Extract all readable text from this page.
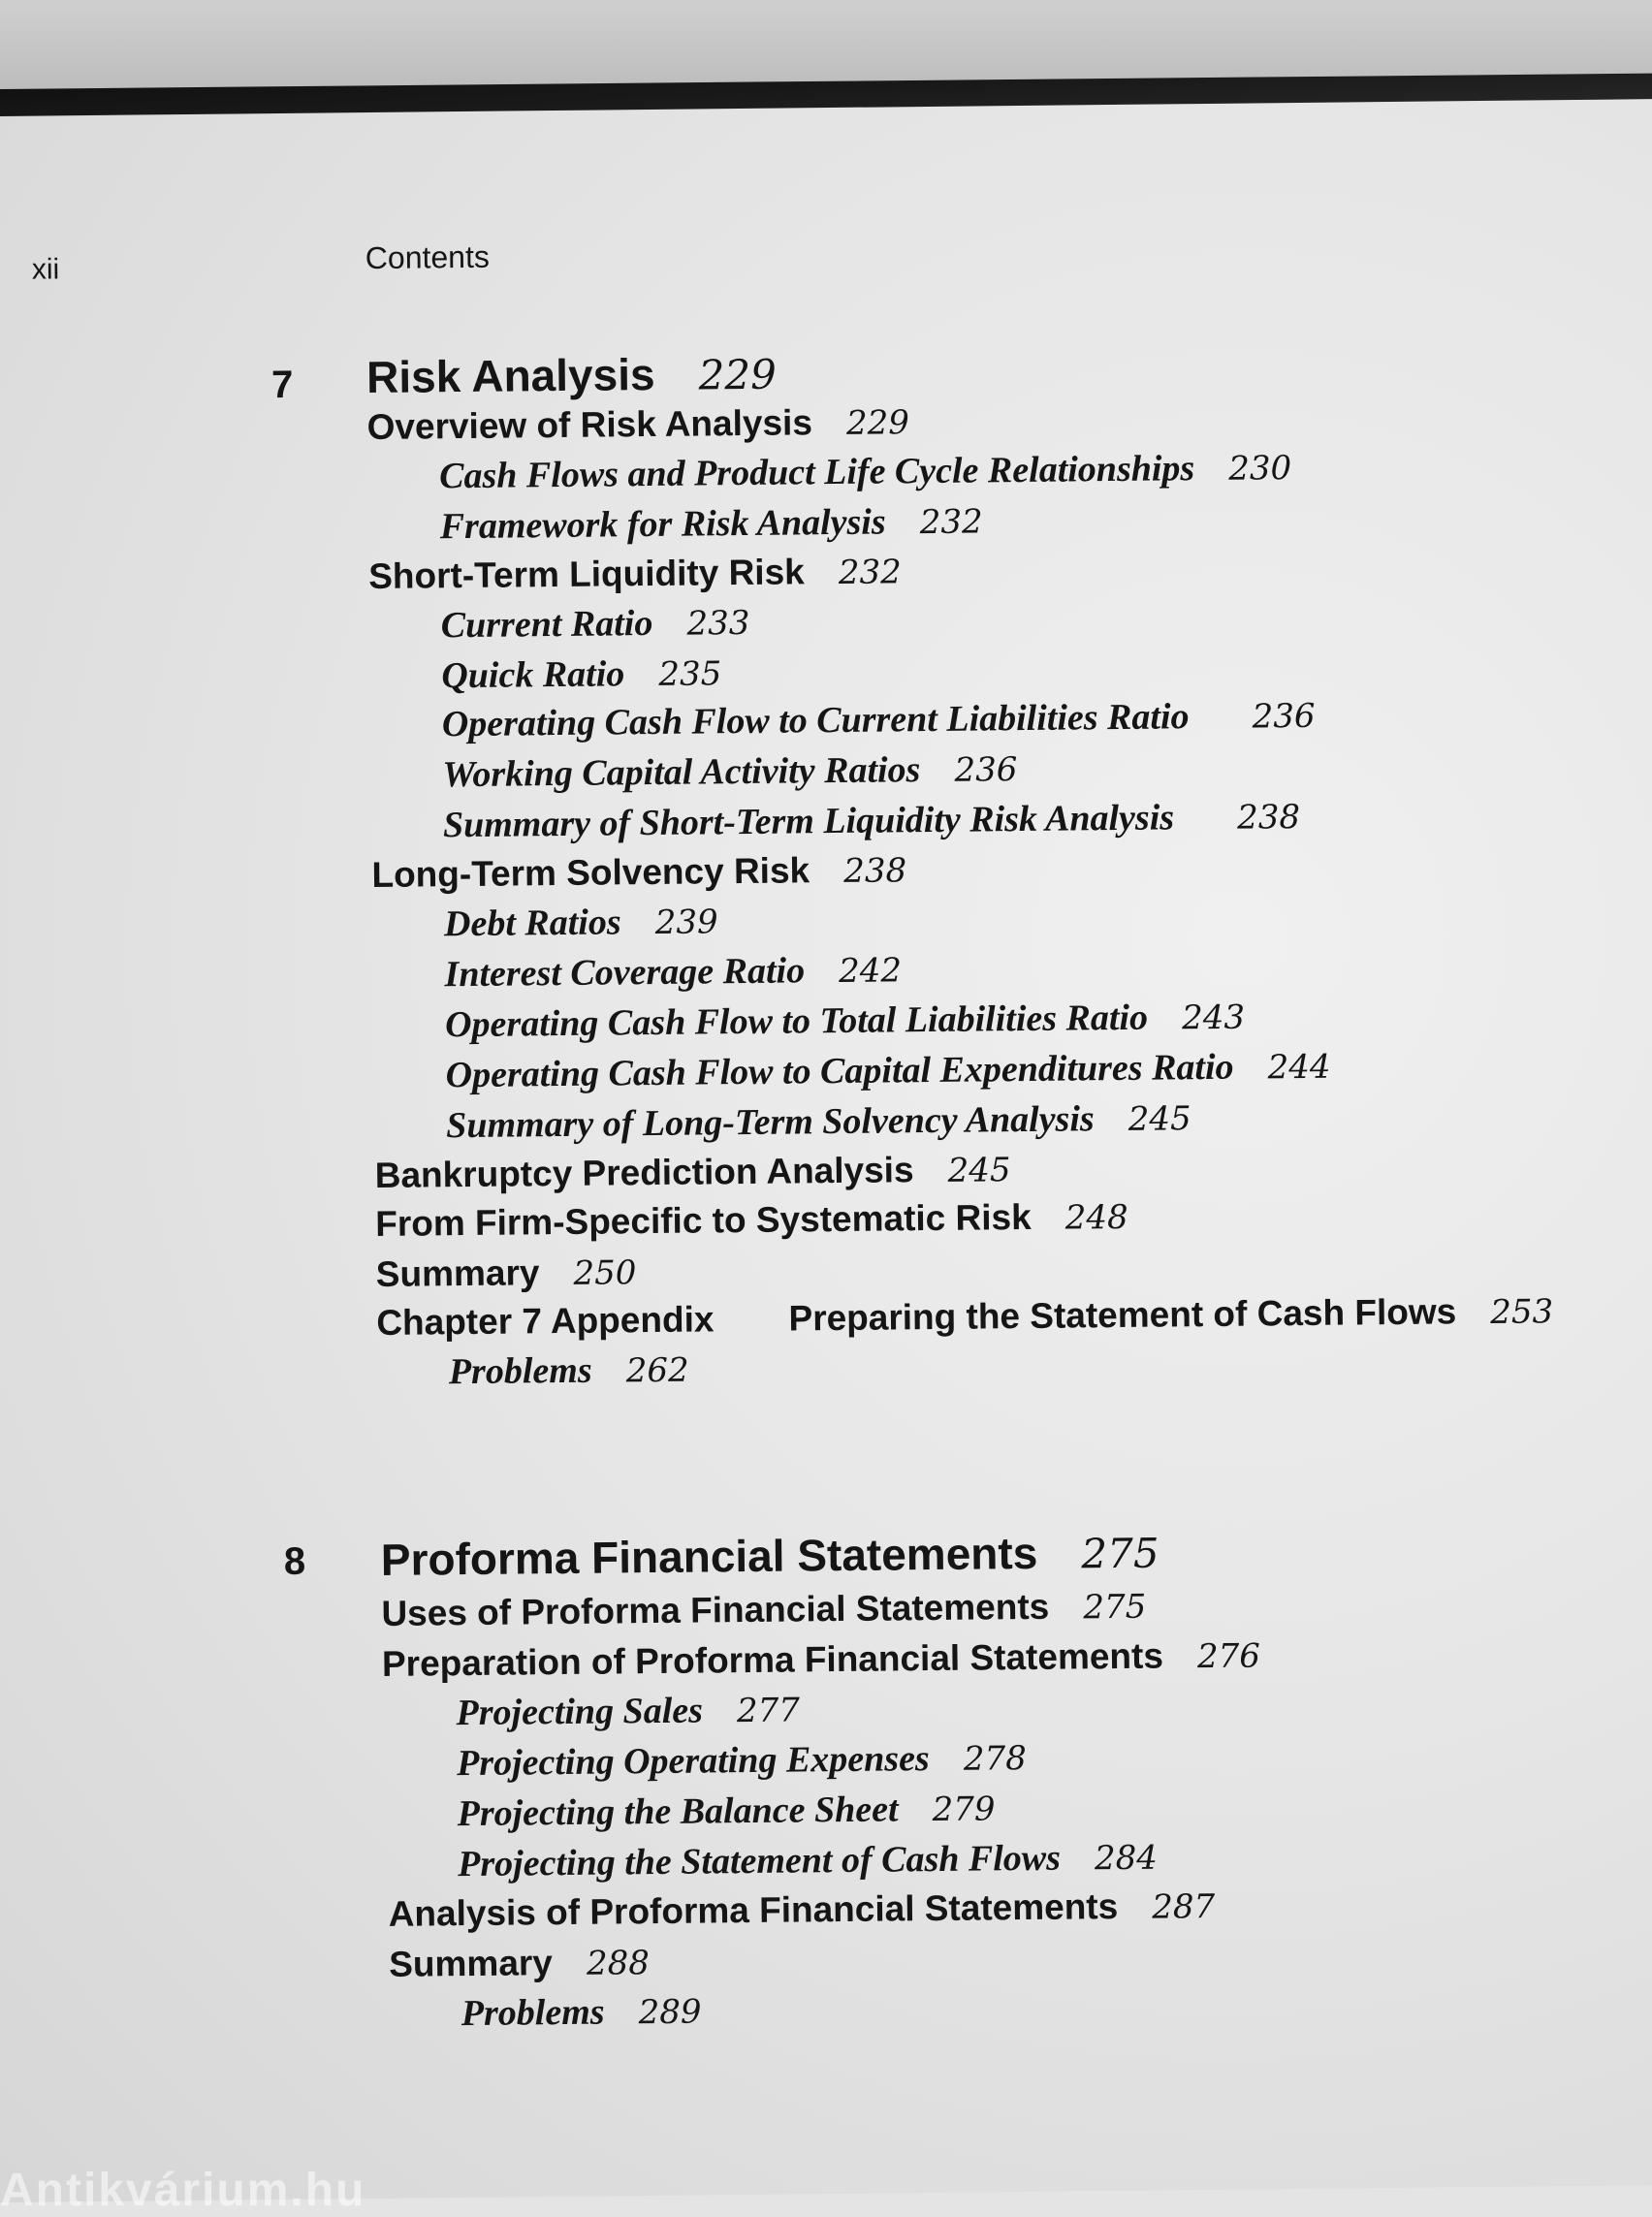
xii	Contents
7 Risk Analysis 229
Overview of Risk Analysis 229
Cash Flows and Product Life Cycle Relationships 230
Framework for Risk Analysis 232
Short-Term Liquidity Risk 232
Current Ratio 233
Quick Ratio 235
Operating Cash Flow to Current Liabilities Ratio 236
Working Capital Activity Ratios 236
Summary of Short-Term Liquidity Risk Analysis 238
Long-Term Solvency Risk 238
Debt Ratios 239
Interest Coverage Ratio 242
Operating Cash Flow to Total Liabilities Ratio 243
Operating Cash Flow to Capital Expenditures Ratio 244
Summary of Long-Term Solvency Analysis 245
Bankruptcy Prediction Analysis 245
From Firm-Specific to Systematic Risk 248
Summary 250
Chapter 7 Appendix Preparing the Statement of Cash Flows 253
Problems 262
8 Proforma Financial Statements 275
Uses of Proforma Financial Statements 275
Preparation of Proforma Financial Statements 276
Projecting Sales 277
Projecting Operating Expenses 278
Projecting the Balance Sheet 279
Projecting the Statement of Cash Flows 284
Analysis of Proforma Financial Statements 287
Summary 288
Problems 289
Antikvárium.hu
